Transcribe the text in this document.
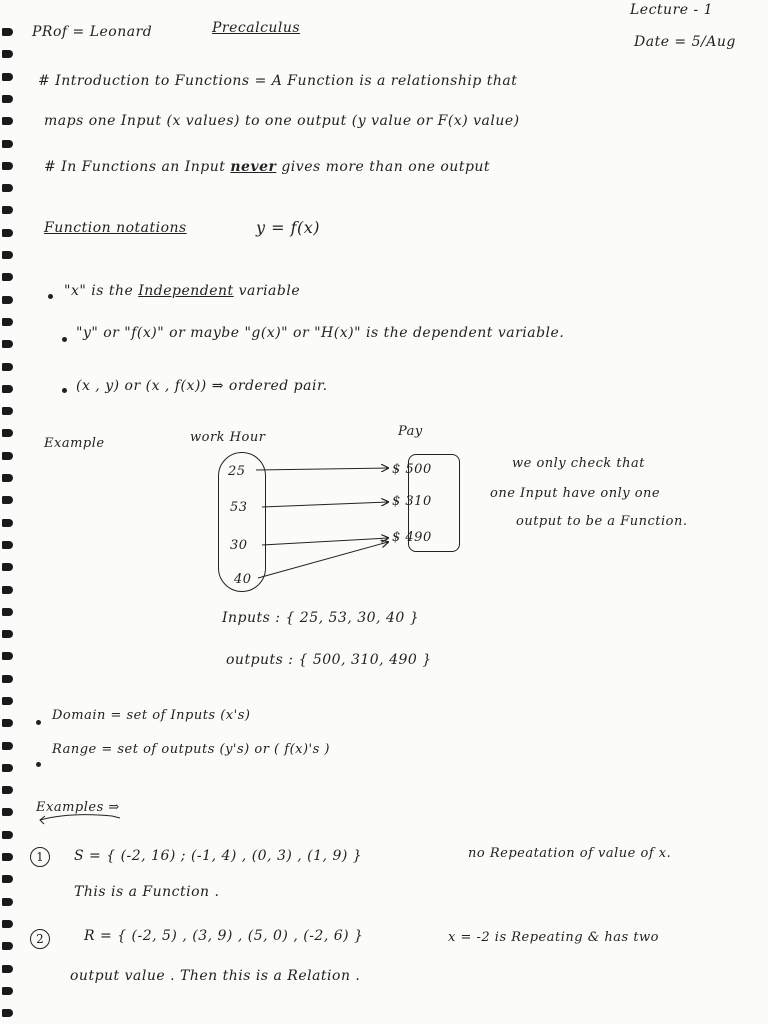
PRof = Leonard	Precalculus
Lecture - 1
Date = 5/Aug
# Introduction to Functions = A Function is a relationship that
maps one Input (x values) to one output (y value or F(x) value)
# In Functions an Input never gives more than one output
Function notations	y = f(x)
"x" is the Independent variable
"y" or "f(x)" or maybe "g(x)" or "H(x)" is the dependent variable.
(x , y) or (x , f(x)) ⇒ ordered pair.
Example	work Hour	Pay
25
53
30
40
$ 500
$ 310
$ 490
we only check that
one Input have only one
output to be a Function.
Inputs : { 25, 53, 30, 40 }
outputs : { 500, 310, 490 }
Domain = set of Inputs (x's)
Range = set of outputs (y's) or ( f(x)'s )
Examples ⇒
1	S = { (-2, 16) ; (-1, 4) , (0, 3) , (1, 9) }	no Repeatation of value of x.
This is a Function .
2	R = { (-2, 5) , (3, 9) , (5, 0) , (-2, 6) }	x = -2 is Repeating & has two
output value . Then this is a Relation .
